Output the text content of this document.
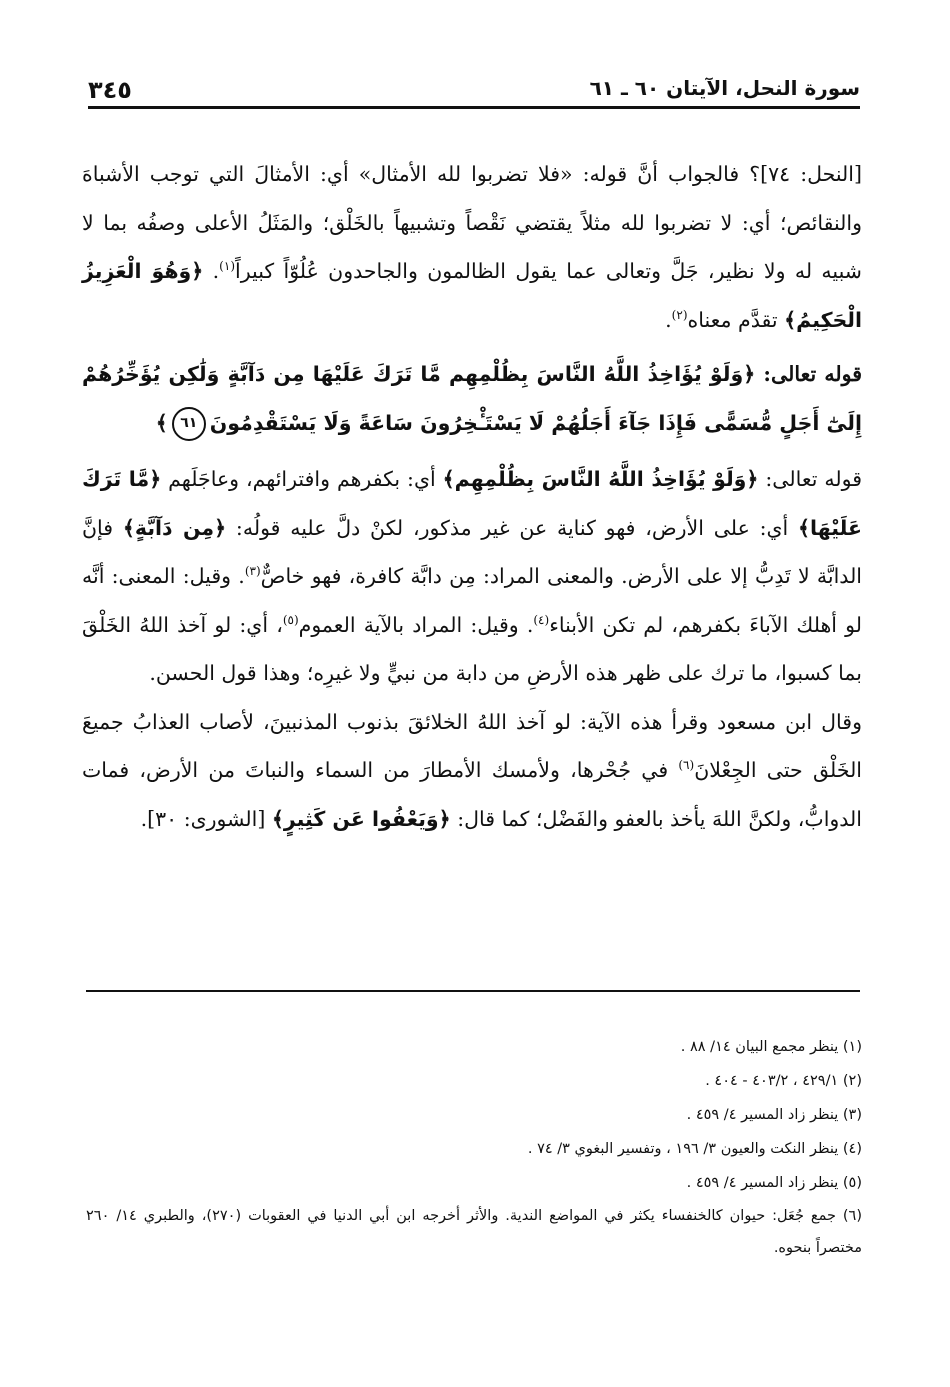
سورة النحل، الآيتان ٦٠ ـ ٦١
٣٤٥

[النحل: ٧٤]؟ فالجواب أنَّ قوله: «فلا تضربوا لله الأمثال» أي: الأمثالَ التي توجب الأشباهَ والنقائص؛ أي: لا تضربوا لله مثلاً يقتضي نَقْصاً وتشبيهاً بالخَلْق؛ والمَثَلُ الأعلى وصفُه بما لا شبيه له ولا نظير، جَلَّ وتعالى عما يقول الظالمون والجاحدون عُلُوّاً كبيراً$^{(١)}$. ﴿وَهُوَ الْعَزِيزُ الْحَكِيمُ﴾ تقدَّم معناه$^{(٢)}$.

قوله تعالى: ﴿وَلَوْ يُؤَاخِذُ اللَّهُ النَّاسَ بِظُلْمِهِم مَّا تَرَكَ عَلَيْهَا مِن دَآبَّةٍ وَلَٰكِن يُؤَخِّرُهُمْ إِلَىٰٓ أَجَلٍ مُّسَمًّى فَإِذَا جَآءَ أَجَلُهُمْ لَا يَسْتَـْٔخِرُونَ سَاعَةً وَلَا يَسْتَقْدِمُونَ٦١﴾

قوله تعالى: ﴿وَلَوْ يُؤَاخِذُ اللَّهُ النَّاسَ بِظُلْمِهِم﴾ أي: بكفرهم وافترائهم، وعاجَلَهم ﴿مَّا تَرَكَ عَلَيْهَا﴾ أي: على الأرض، فهو كناية عن غير مذكور، لكنْ دلَّ عليه قولُه: ﴿مِن دَآبَّةٍ﴾ فإنَّ الدابَّة لا تَدِبُّ إلا على الأرض. والمعنى المراد: مِن دابَّة كافرة، فهو خاصٌّ$^{(٣)}$. وقيل: المعنى: أنَّه لو أهلك الآباءَ بكفرهم، لم تكن الأبناء$^{(٤)}$. وقيل: المراد بالآية العموم$^{(٥)}$، أي: لو آخذ اللهُ الخَلْقَ بما كسبوا، ما ترك على ظهر هذه الأرضِ من دابة من نبيٍّ ولا غيرِه؛ وهذا قول الحسن.

وقال ابن مسعود وقرأ هذه الآية: لو آخذ اللهُ الخلائقَ بذنوب المذنبينَ، لأصاب العذابُ جميعَ الخَلْق حتى الجِعْلانَ$^{(٦)}$ في جُحْرها، ولأمسك الأمطارَ من السماء والنباتَ من الأرض، فمات الدوابُّ، ولكنَّ اللهَ يأخذ بالعفو والفَضْل؛ كما قال: ﴿وَيَعْفُوا عَن كَثِيرٍ﴾ [الشورى: ٣٠].

(١) ينظر مجمع البيان ١٤/ ٨٨ .

(٢) ٤٢٩/١ ، ٤٠٣/٢ - ٤٠٤ .

(٣) ينظر زاد المسير ٤/ ٤٥٩ .

(٤) ينظر النكت والعيون ٣/ ١٩٦ ، وتفسير البغوي ٣/ ٧٤ .

(٥) ينظر زاد المسير ٤/ ٤٥٩ .

(٦) جمع جُعَل: حيوان كالخنفساء يكثر في المواضع الندية. والأثر أخرجه ابن أبي الدنيا في العقوبات (٢٧٠)، والطبري ١٤/ ٢٦٠ مختصراً بنحوه.
